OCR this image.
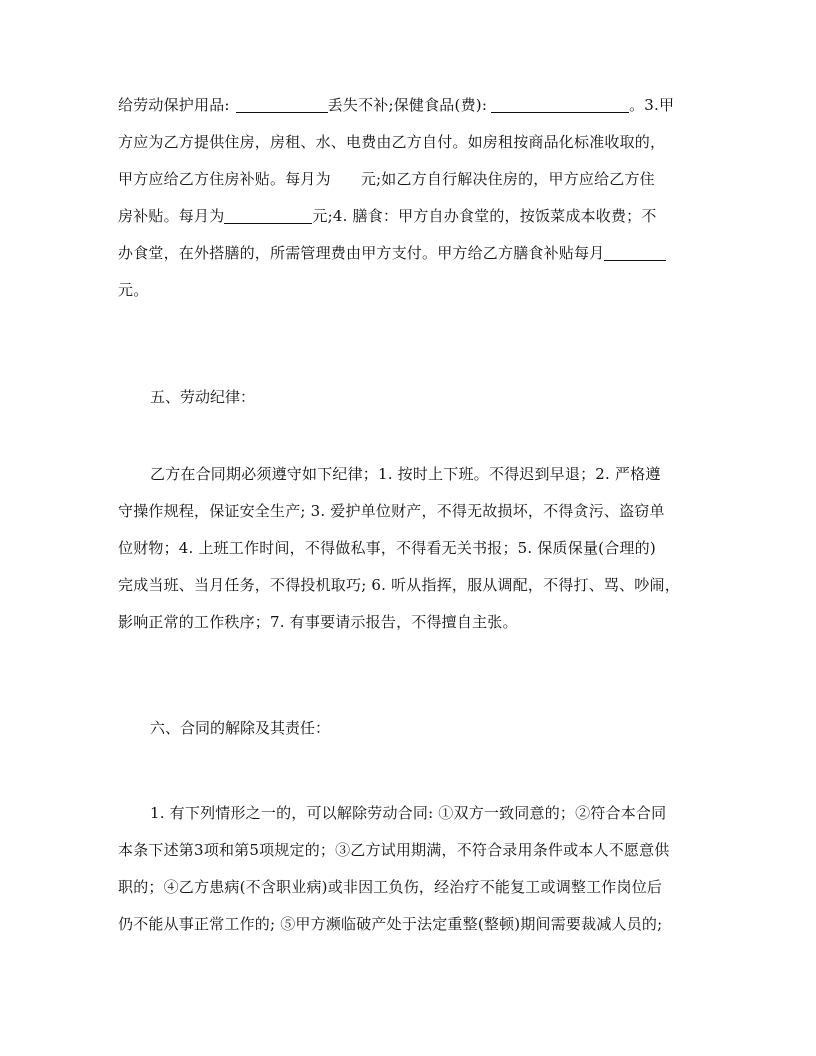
给劳动保护用品:	丢失不补;保健食品(费):	。3.甲
方应为乙方提供住房，房租、水、电费由乙方自付。如房租按商品化标准收取的，
甲方应给乙方住房补贴。每月为 元;如乙方自行解决住房的，甲方应给乙方住
房补贴。每月为	元;4. 膳食：甲方自办食堂的，按饭菜成本收费；不
办食堂，在外搭膳的，所需管理费由甲方支付。甲方给乙方膳食补贴每月
元。

五、劳动纪律：

乙方在合同期必须遵守如下纪律；1. 按时上下班。不得迟到早退；2. 严格遵
守操作规程，保证安全生产; 3. 爱护单位财产，不得无故损坏，不得贪污、盗窃单
位财物；4. 上班工作时间，不得做私事，不得看无关书报；5. 保质保量(合理的)
完成当班、当月任务，不得投机取巧; 6. 听从指挥，服从调配，不得打、骂、吵闹，
影响正常的工作秩序；7. 有事要请示报告，不得擅自主张。

六、合同的解除及其责任：

1. 有下列情形之一的，可以解除劳动合同: ①双方一致同意的；②符合本合同
本条下述第3项和第5项规定的；③乙方试用期满，不符合录用条件或本人不愿意供
职的；④乙方患病(不含职业病)或非因工负伤，经治疗不能复工或调整工作岗位后
仍不能从事正常工作的; ⑤甲方濒临破产处于法定重整(整顿)期间需要裁减人员的;
